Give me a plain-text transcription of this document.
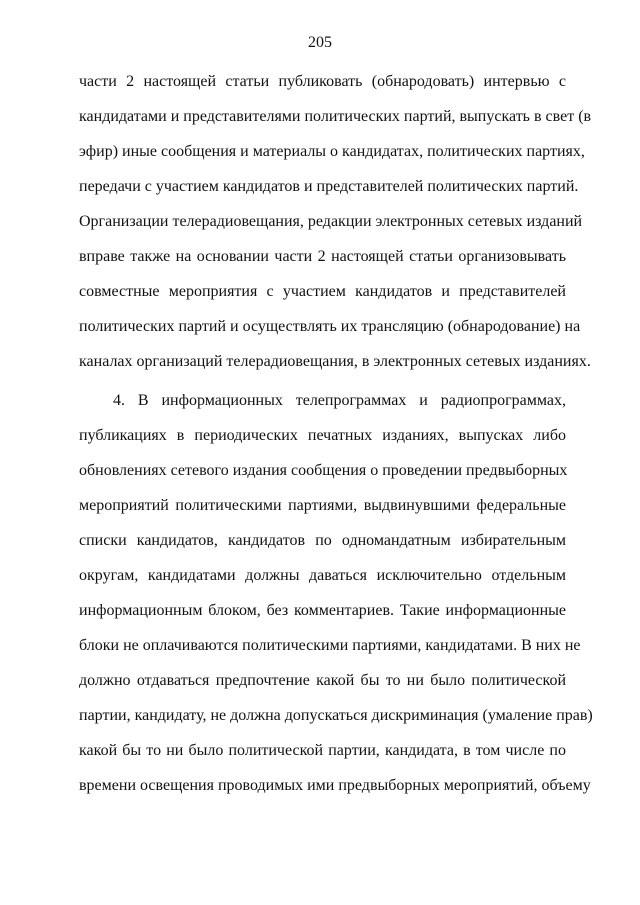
205
части 2 настоящей статьи публиковать (обнародовать) интервью с
кандидатами и представителями политических партий, выпускать в свет (в
эфир) иные сообщения и материалы о кандидатах, политических партиях,
передачи с участием кандидатов и представителей политических партий.
Организации телерадиовещания, редакции электронных сетевых изданий
вправе также на основании части 2 настоящей статьи организовывать
совместные мероприятия с участием кандидатов и представителей
политических партий и осуществлять их трансляцию (обнародование) на
каналах организаций телерадиовещания, в электронных сетевых изданиях.
4. В информационных телепрограммах и радиопрограммах,
публикациях в периодических печатных изданиях, выпусках либо
обновлениях сетевого издания сообщения о проведении предвыборных
мероприятий политическими партиями, выдвинувшими федеральные
списки кандидатов, кандидатов по одномандатным избирательным
округам, кандидатами должны даваться исключительно отдельным
информационным блоком, без комментариев. Такие информационные
блоки не оплачиваются политическими партиями, кандидатами. В них не
должно отдаваться предпочтение какой бы то ни было политической
партии, кандидату, не должна допускаться дискриминация (умаление прав)
какой бы то ни было политической партии, кандидата, в том числе по
времени освещения проводимых ими предвыборных мероприятий, объему
